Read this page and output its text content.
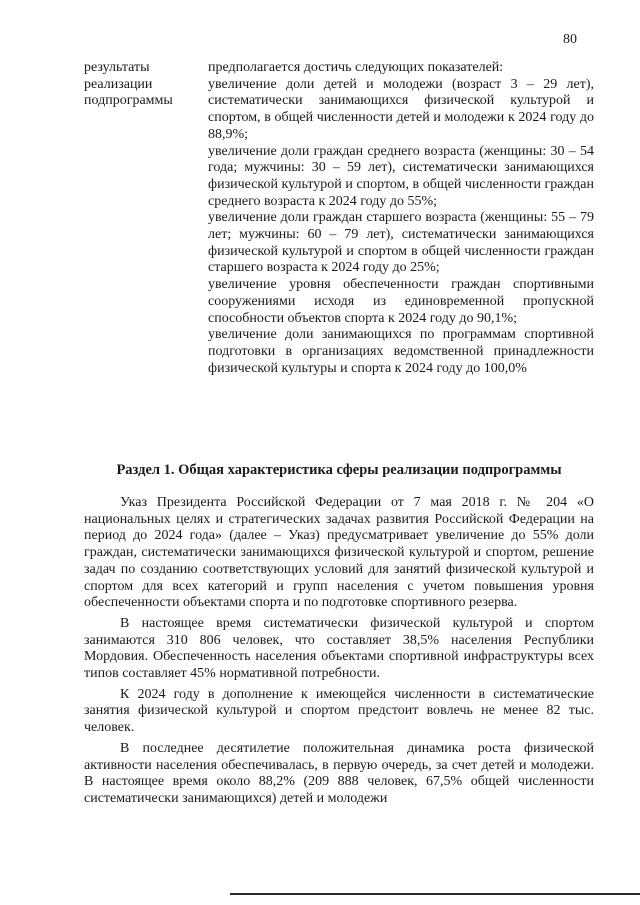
80
результаты
реализации
подпрограммы
предполагается достичь следующих показателей:
увеличение доли детей и молодежи (возраст 3 – 29 лет), систематически занимающихся физической культурой и спортом, в общей численности детей и молодежи к 2024 году до 88,9%;
увеличение доли граждан среднего возраста (женщины: 30 – 54 года; мужчины: 30 – 59 лет), систематически занимающихся физической культурой и спортом, в общей численности граждан среднего возраста к 2024 году до 55%;
увеличение доли граждан старшего возраста (женщины: 55 – 79 лет; мужчины: 60 – 79 лет), систематически занимающихся физической культурой и спортом в общей численности граждан старшего возраста к 2024 году до 25%;
увеличение уровня обеспеченности граждан спортивными сооружениями исходя из единовременной пропускной способности объектов спорта к 2024 году до 90,1%;
увеличение доли занимающихся по программам спортивной подготовки в организациях ведомственной принадлежности физической культуры и спорта к 2024 году до 100,0%
Раздел 1. Общая характеристика сферы реализации подпрограммы

Указ Президента Российской Федерации от 7 мая 2018 г. № 204 «О национальных целях и стратегических задачах развития Российской Федерации на период до 2024 года» (далее – Указ) предусматривает увеличение до 55% доли граждан, систематически занимающихся физической культурой и спортом, решение задач по созданию соответствующих условий для занятий физической культурой и спортом для всех категорий и групп населения с учетом повышения уровня обеспеченности объектами спорта и по подготовке спортивного резерва.

В настоящее время систематически физической культурой и спортом занимаются 310 806 человек, что составляет 38,5% населения Республики Мордовия. Обеспеченность населения объектами спортивной инфраструктуры всех типов составляет 45% нормативной потребности.

К 2024 году в дополнение к имеющейся численности в систематические занятия физической культурой и спортом предстоит вовлечь не менее 82 тыс. человек.

В последнее десятилетие положительная динамика роста физической активности населения обеспечивалась, в первую очередь, за счет детей и молодежи. В настоящее время около 88,2% (209 888 человек, 67,5% общей численности систематически занимающихся) детей и молодежи
